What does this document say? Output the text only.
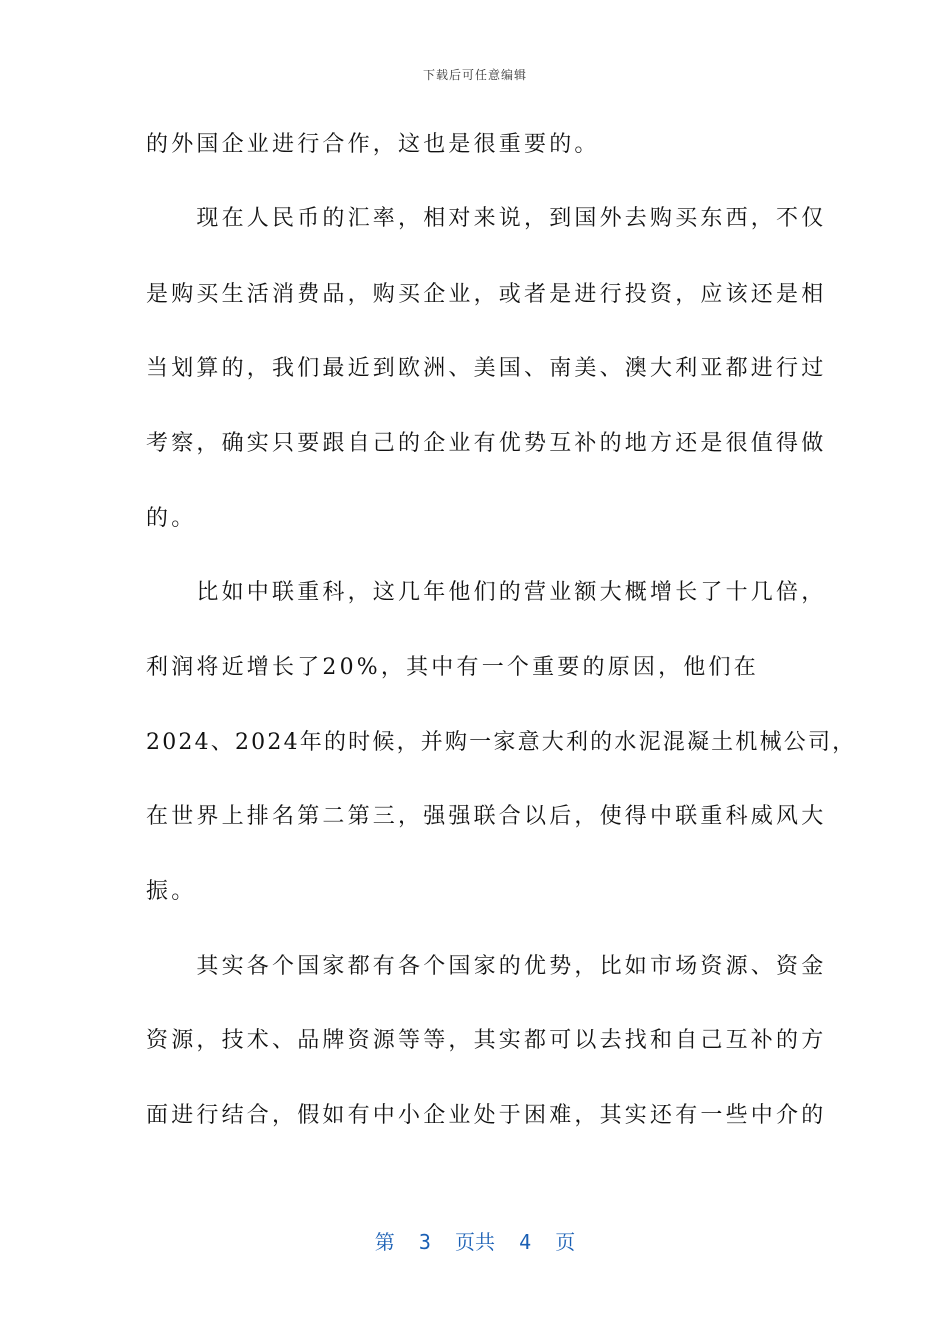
下载后可任意编辑
的外国企业进行合作，这也是很重要的。
　　现在人民币的汇率，相对来说，到国外去购买东西，不仅
是购买生活消费品，购买企业，或者是进行投资，应该还是相
当划算的，我们最近到欧洲、美国、南美、澳大利亚都进行过
考察，确实只要跟自己的企业有优势互补的地方还是很值得做
的。
　　比如中联重科，这几年他们的营业额大概增长了十几倍，
利润将近增长了20%，其中有一个重要的原因，他们在
2024、2024年的时候，并购一家意大利的水泥混凝土机械公司，
在世界上排名第二第三，强强联合以后，使得中联重科威风大
振。
　　其实各个国家都有各个国家的优势，比如市场资源、资金
资源，技术、品牌资源等等，其实都可以去找和自己互补的方
面进行结合，假如有中小企业处于困难，其实还有一些中介的
第  3  页共  4  页
